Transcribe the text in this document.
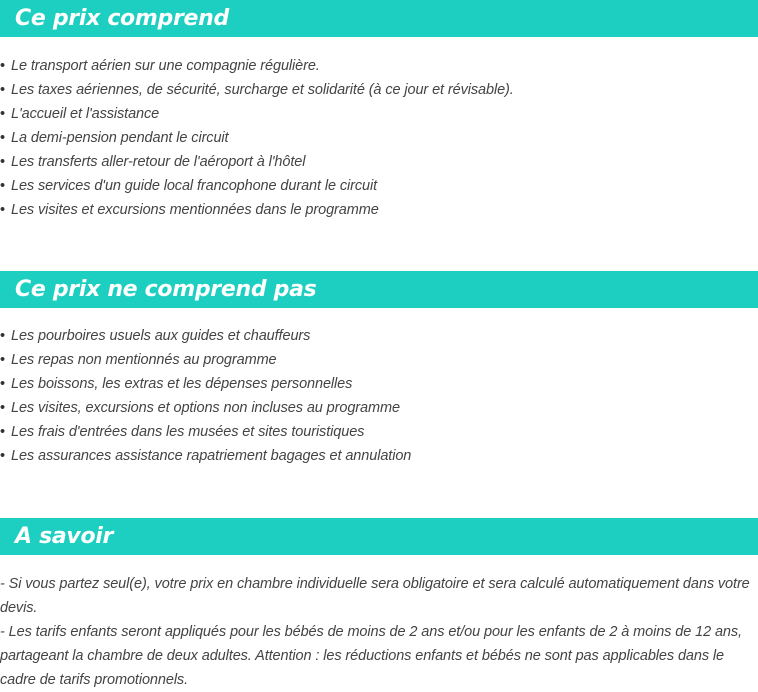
Ce prix comprend
• Le transport aérien sur une compagnie régulière.
• Les taxes aériennes, de sécurité, surcharge et solidarité (à ce jour et révisable).
• L'accueil et l'assistance
• La demi-pension pendant le circuit
• Les transferts aller-retour de l'aéroport à l'hôtel
• Les services d'un guide local francophone durant le circuit
• Les visites et excursions mentionnées dans le programme
Ce prix ne comprend pas
• Les pourboires usuels aux guides et chauffeurs
• Les repas non mentionnés au programme
• Les boissons, les extras et les dépenses personnelles
• Les visites, excursions et options non incluses au programme
• Les frais d'entrées dans les musées et sites touristiques
• Les assurances assistance rapatriement bagages et annulation
A savoir

- Si vous partez seul(e), votre prix en chambre individuelle sera obligatoire et sera calculé automatiquement dans votre devis.

- Les tarifs enfants seront appliqués pour les bébés de moins de 2 ans et/ou pour les enfants de 2 à moins de 12 ans, partageant la chambre de deux adultes. Attention : les réductions enfants et bébés ne sont pas applicables dans le cadre de tarifs promotionnels.
